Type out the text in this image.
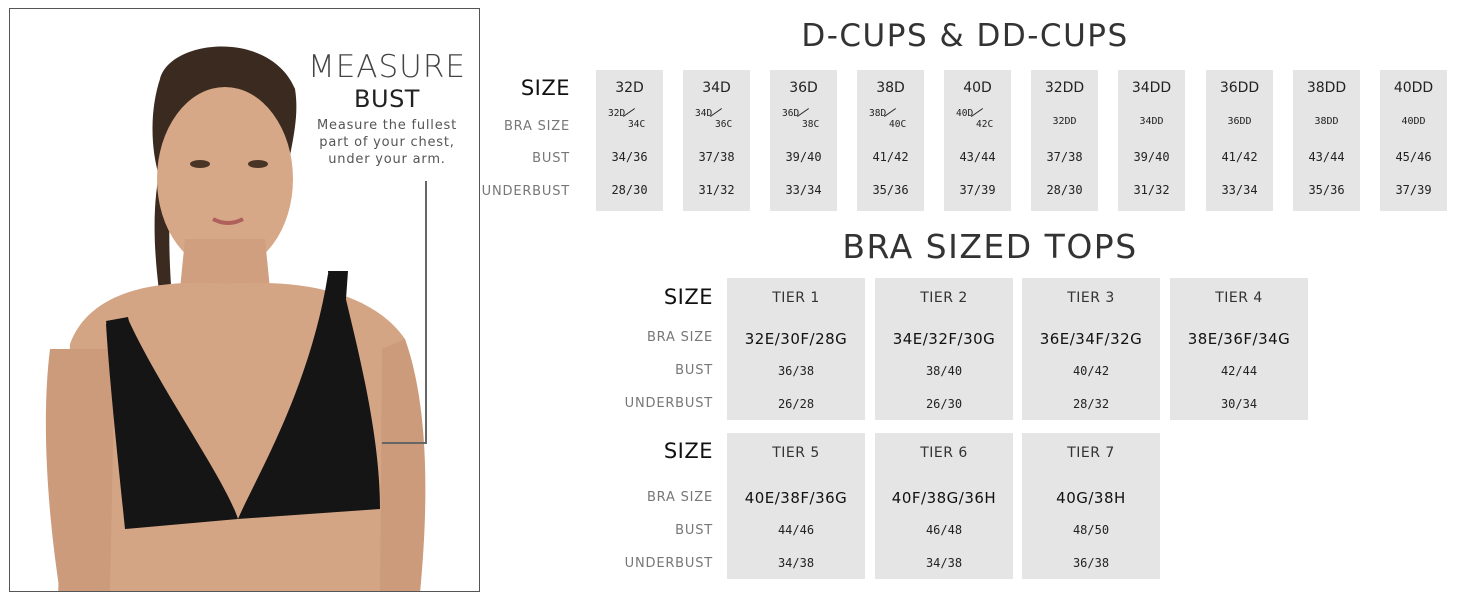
MEASURE
BUST
Measure the fullest part of your chest, under your arm.
D-CUPS & DD-CUPS
SIZE
BRA SIZE
BUST
UNDERBUST
32D
32D
34C
34/36
28/30
34D
34D
36C
37/38
31/32
36D
36D
38C
39/40
33/34
38D
38D
40C
41/42
35/36
40D
40D
42C
43/44
37/39
32DD
32DD
37/38
28/30
34DD
34DD
39/40
31/32
36DD
36DD
41/42
33/34
38DD
38DD
43/44
35/36
40DD
40DD
45/46
37/39
BRA SIZED TOPS
SIZE
BRA SIZE
BUST
UNDERBUST
SIZE
BRA SIZE
BUST
UNDERBUST
TIER 1
32E/30F/28G
36/38
26/28
TIER 2
34E/32F/30G
38/40
26/30
TIER 3
36E/34F/32G
40/42
28/32
TIER 4
38E/36F/34G
42/44
30/34
TIER 5
40E/38F/36G
44/46
34/38
TIER 6
40F/38G/36H
46/48
34/38
TIER 7
40G/38H
48/50
36/38
